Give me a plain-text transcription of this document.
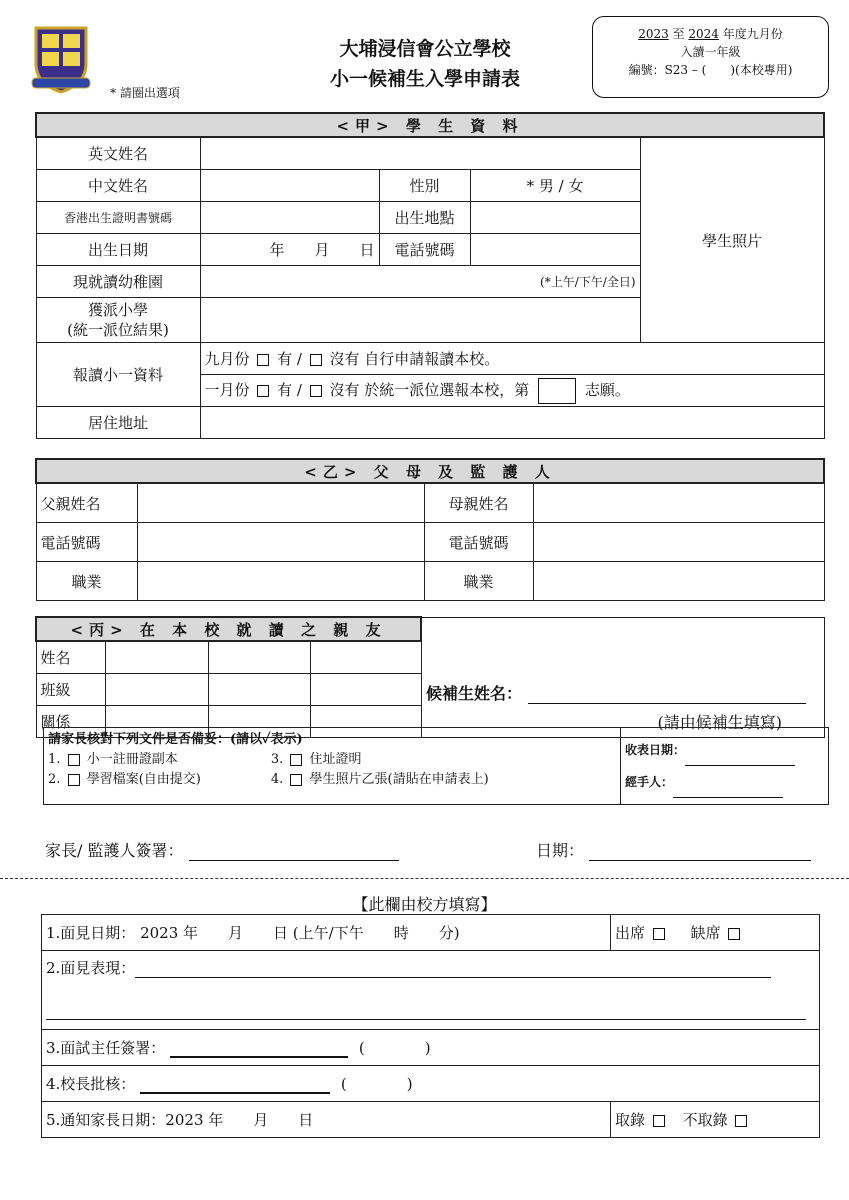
大埔浸信會公立學校
小一候補生入學申請表
* 請圈出選項
2023 至 2024 年度九月份
入讀一年級
編號：S23 – (　　)(本校專用)
<甲> 學 生 資 料				
英文姓名				學生照片
中文姓名		性別	* 男 / 女	
香港出生證明書號碼		出生地點		
出生日期	年　　月　　日	電話號碼		
現就讀幼稚園	(*上午/下午/全日)			

獲派小學
(統一派位結果)				

報讀小一資料	九月份 有 / 沒有 自行申請報讀本校。			
	一月份 有 / 沒有 於統一派位選報本校，第 志願。			
居住地址				
<乙> 父 母 及 監 護 人			
父親姓名		母親姓名	
電話號碼		電話號碼	
職業		職業	
<丙> 在 本 校 就 讀 之 親 友				候補生姓名：
(請由候補生填寫)

姓名				
班級				
關係				
請家長核對下列文件是否備妥：(請以✓表示)
1. 小一註冊證副本	3. 住址證明
2. 學習檔案(自由提交)	4. 學生照片乙張(請貼在申請表上)

收表日期：
經手人：
家長/ 監護人簽署：	日期：
【此欄由校方填寫】
1.面見日期： 2023 年　　月　　日 (上午/下午　　時　　分)	出席 缺席

2.面見表現：	

3.面試主任簽署： (　　　　)	
4.校長批核： (　　　　)	
5.通知家長日期：2023 年　　月　　日	取錄 不取錄
